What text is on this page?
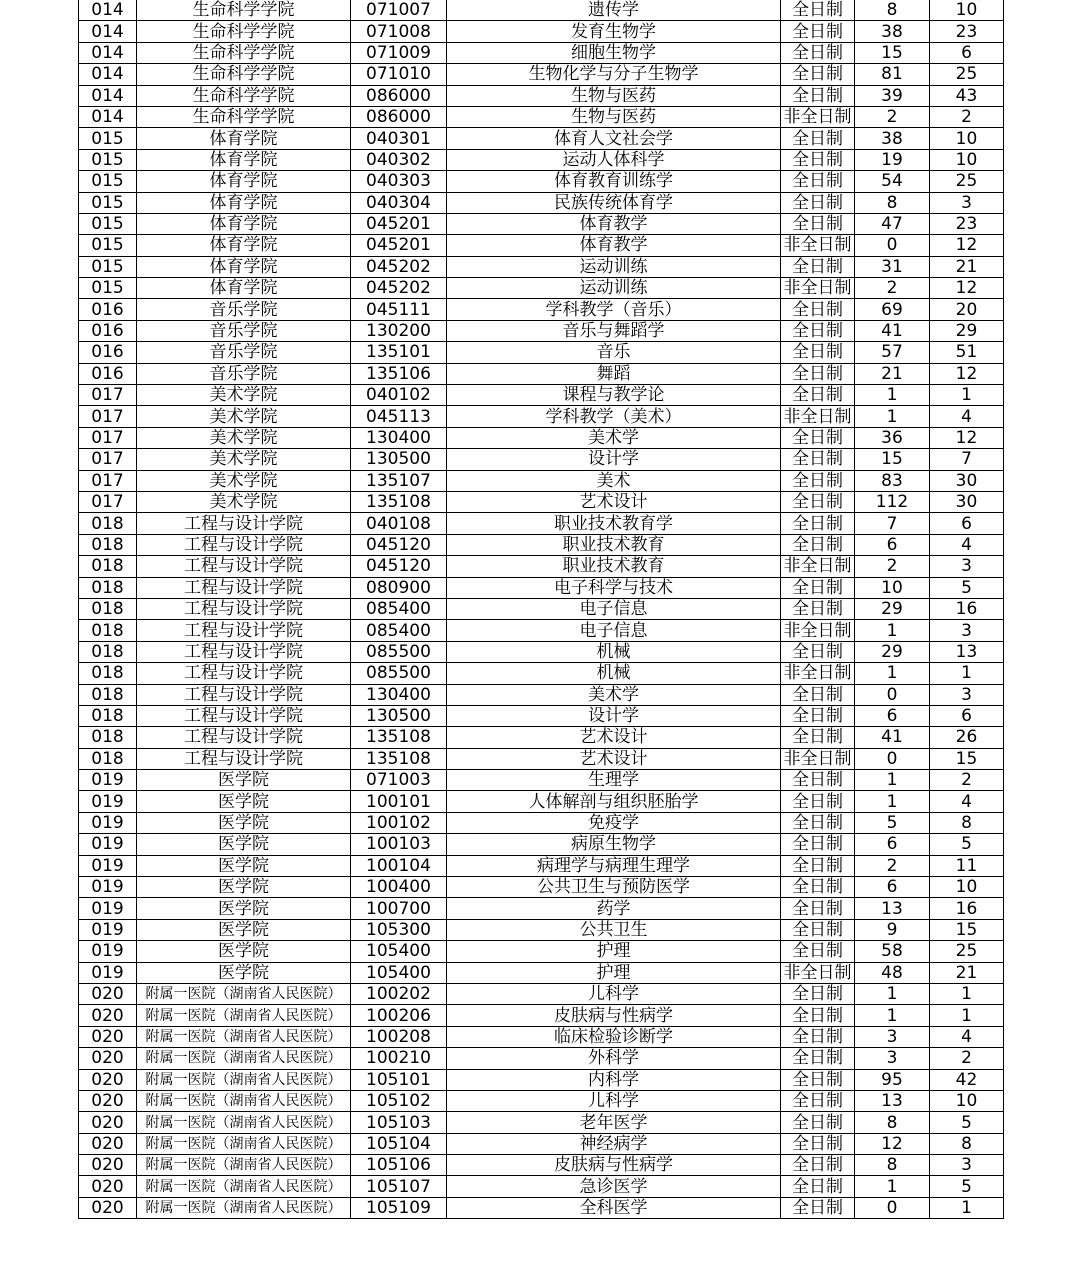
014	生命科学学院	071007	遗传学	全日制	8	10
014	生命科学学院	071008	发育生物学	全日制	38	23
014	生命科学学院	071009	细胞生物学	全日制	15	6
014	生命科学学院	071010	生物化学与分子生物学	全日制	81	25
014	生命科学学院	086000	生物与医药	全日制	39	43
014	生命科学学院	086000	生物与医药	非全日制	2	2
015	体育学院	040301	体育人文社会学	全日制	38	10
015	体育学院	040302	运动人体科学	全日制	19	10
015	体育学院	040303	体育教育训练学	全日制	54	25
015	体育学院	040304	民族传统体育学	全日制	8	3
015	体育学院	045201	体育教学	全日制	47	23
015	体育学院	045201	体育教学	非全日制	0	12
015	体育学院	045202	运动训练	全日制	31	21
015	体育学院	045202	运动训练	非全日制	2	12
016	音乐学院	045111	学科教学（音乐）	全日制	69	20
016	音乐学院	130200	音乐与舞蹈学	全日制	41	29
016	音乐学院	135101	音乐	全日制	57	51
016	音乐学院	135106	舞蹈	全日制	21	12
017	美术学院	040102	课程与教学论	全日制	1	1
017	美术学院	045113	学科教学（美术）	非全日制	1	4
017	美术学院	130400	美术学	全日制	36	12
017	美术学院	130500	设计学	全日制	15	7
017	美术学院	135107	美术	全日制	83	30
017	美术学院	135108	艺术设计	全日制	112	30
018	工程与设计学院	040108	职业技术教育学	全日制	7	6
018	工程与设计学院	045120	职业技术教育	全日制	6	4
018	工程与设计学院	045120	职业技术教育	非全日制	2	3
018	工程与设计学院	080900	电子科学与技术	全日制	10	5
018	工程与设计学院	085400	电子信息	全日制	29	16
018	工程与设计学院	085400	电子信息	非全日制	1	3
018	工程与设计学院	085500	机械	全日制	29	13
018	工程与设计学院	085500	机械	非全日制	1	1
018	工程与设计学院	130400	美术学	全日制	0	3
018	工程与设计学院	130500	设计学	全日制	6	6
018	工程与设计学院	135108	艺术设计	全日制	41	26
018	工程与设计学院	135108	艺术设计	非全日制	0	15
019	医学院	071003	生理学	全日制	1	2
019	医学院	100101	人体解剖与组织胚胎学	全日制	1	4
019	医学院	100102	免疫学	全日制	5	8
019	医学院	100103	病原生物学	全日制	6	5
019	医学院	100104	病理学与病理生理学	全日制	2	11
019	医学院	100400	公共卫生与预防医学	全日制	6	10
019	医学院	100700	药学	全日制	13	16
019	医学院	105300	公共卫生	全日制	9	15
019	医学院	105400	护理	全日制	58	25
019	医学院	105400	护理	非全日制	48	21
020	附属一医院（湖南省人民医院）	100202	儿科学	全日制	1	1
020	附属一医院（湖南省人民医院）	100206	皮肤病与性病学	全日制	1	1
020	附属一医院（湖南省人民医院）	100208	临床检验诊断学	全日制	3	4
020	附属一医院（湖南省人民医院）	100210	外科学	全日制	3	2
020	附属一医院（湖南省人民医院）	105101	内科学	全日制	95	42
020	附属一医院（湖南省人民医院）	105102	儿科学	全日制	13	10
020	附属一医院（湖南省人民医院）	105103	老年医学	全日制	8	5
020	附属一医院（湖南省人民医院）	105104	神经病学	全日制	12	8
020	附属一医院（湖南省人民医院）	105106	皮肤病与性病学	全日制	8	3
020	附属一医院（湖南省人民医院）	105107	急诊医学	全日制	1	5
020	附属一医院（湖南省人民医院）	105109	全科医学	全日制	0	1
